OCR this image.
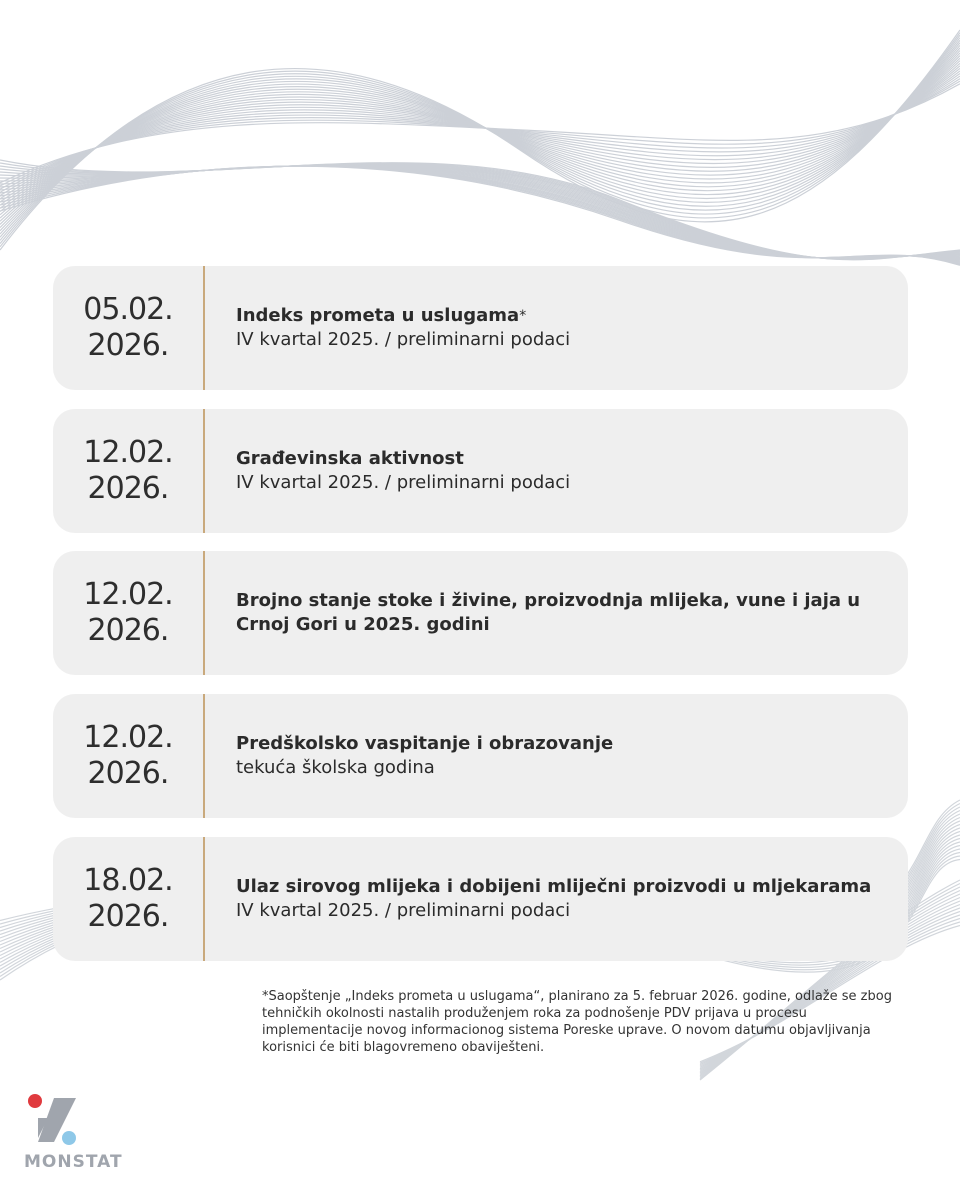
05.02.
2026.
Indeks prometa u uslugama*
IV kvartal 2025. / preliminarni podaci
12.02.
2026.
Građevinska aktivnost
IV kvartal 2025. / preliminarni podaci
12.02.
2026.
Brojno stanje stoke i živine, proizvodnja mlijeka, vune i jaja u Crnoj Gori u 2025. godini
12.02.
2026.
Predškolsko vaspitanje i obrazovanje
tekuća školska godina
18.02.
2026.
Ulaz sirovog mlijeka i dobijeni mliječni proizvodi u mljekarama
IV kvartal 2025. / preliminarni podaci
*Saopštenje „Indeks prometa u uslugama“, planirano za 5. februar 2026. godine, odlaže se zbog tehničkih okolnosti nastalih produženjem roka za podnošenje PDV prijava u procesu implementacije novog informacionog sistema Poreske uprave. O novom datumu objavljivanja korisnici će biti blagovremeno obaviješteni.
MONSTAT
